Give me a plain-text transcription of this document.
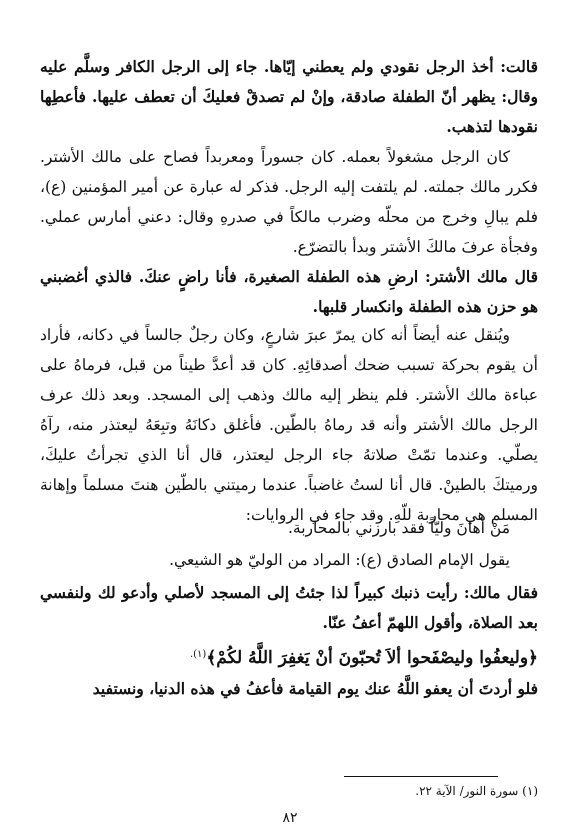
قالت: أخذ الرجل نقودي ولم يعطني إيّاها. جاء إلى الرجل الكافر وسلَّم عليه وقال: يظهر أنّ الطفلة صادقة، وإنْ لم تصدقْ فعليكَ أن تعطف عليها. فأعطِها نقودها لتذهب.

كان الرجل مشغولاً بعمله. كان جسوراً ومعربداً فصاح على مالك الأشتر. فكرر مالك جملته. لم يلتفت إليه الرجل. فذكر له عبارة عن أمير المؤمنين (ع)، فلم يبالِ وخرج من محلّه وضرب مالكاً في صدرهِ وقال: دعني أمارس عملي. وفجأة عرفَ مالكَ الأشتر وبدأ بالتضرّع.

قال مالك الأشتر: ارضِ هذه الطفلة الصغيرة، فأنا راضٍ عنكَ. فالذي أغضبني هو حزن هذه الطفلة وانكسار قلبها.

ويُنقل عنه أيضاً أنه كان يمرّ عبرَ شارعٍ، وكان رجلٌ جالساً في دكانه، فأراد أن يقوم بحركة تسبب ضحك أصدقائِهِ. كان قد أعدَّ طيناً من قبل، فرماهُ على عباءة مالك الأشتر. فلم ينظر إليه مالك وذهب إلى المسجد. وبعد ذلك عرف الرجل مالك الأشتر وأنه قد رماهُ بالطّين. فأغلق دكانَهُ وتبِعَهُ ليعتذر منه، رآهُ يصلّي. وعندما تمّتْ صلاتهُ جاء الرجل ليعتذر، قال أنا الذي تجرأتُ عليكَ، ورميتكَ بالطينْ. قال أنا لستُ غاضباً. عندما رميتني بالطّين هنتَ مسلماً وإهانة المسلم هي محاربة للّهِ. وقد جاء في الروايات:

مَنْ أهانَ وليّاً فقد بارزني بالمحاربة.

يقول الإمام الصادق (ع): المراد من الوليّ هو الشيعي.

فقال مالك: رأيت ذنبك كبيراً لذا جئتُ إلى المسجد لأصلي وأدعو لك ولنفسي بعد الصلاة، وأقول اللهمّ أعفُ عنّا.

﴿وليعفُوا وليصْفَحوا ألاَ تُحبّونَ أنْ يَغفِرَ اللَّهُ لكُمْ﴾$^{(١).}$

فلو أردتَ أن يعفو اللَّهُ عنك يوم القيامة فأعفُ في هذه الدنيا، ونستفيد

(١) سورة النور/ الآية ٢٢.
٨٢
